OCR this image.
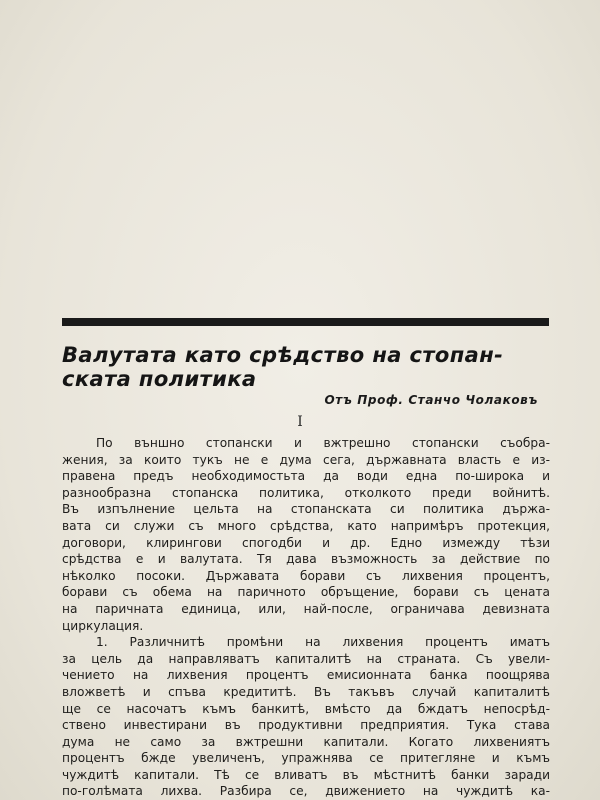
Валутата като срѣдство на стопан-
ската политика
Отъ Проф. Станчо Чолаковъ
I
По външно стопански и вжтрешно стопански съобра-
жения, за които тукъ не е дума сега, държавната власть е из-
правена предъ необходимостьта да води една по-широка и
разнообразна стопанска политика, отколкото преди войнитѣ.
Въ изпълнение цельта на стопанската си политика държа-
вата си служи съ много срѣдства, като напримѣръ протекция,
договори, клирингови спогодби и др. Едно измежду тѣзи
срѣдства е и валутата. Тя дава възможность за действие по
нѣколко посоки. Държавата борави съ лихвения процентъ,
борави съ обема на паричното обръщение, борави съ цената
на паричната единица, или, най-после, ограничава девизната
циркулация.
1. Различнитѣ промѣни на лихвения процентъ иматъ
за цель да направляватъ капиталитѣ на страната. Съ увели-
чението на лихвения процентъ емисионната банка поощрява
вложветѣ и спъва кредититѣ. Въ такъвъ случай капиталитѣ
ще се насочатъ къмъ банкитѣ, вмѣсто да бждатъ непосрѣд-
ствено инвестирани въ продуктивни предприятия. Тука става
дума не само за вжтрешни капитали. Когато лихвениятъ
процентъ бжде увеличенъ, упражнява се притегляне и къмъ
чуждитѣ капитали. Тѣ се вливатъ въ мѣстнитѣ банки заради
по-голѣмата лихва. Разбира се, движението на чуждитѣ ка-
